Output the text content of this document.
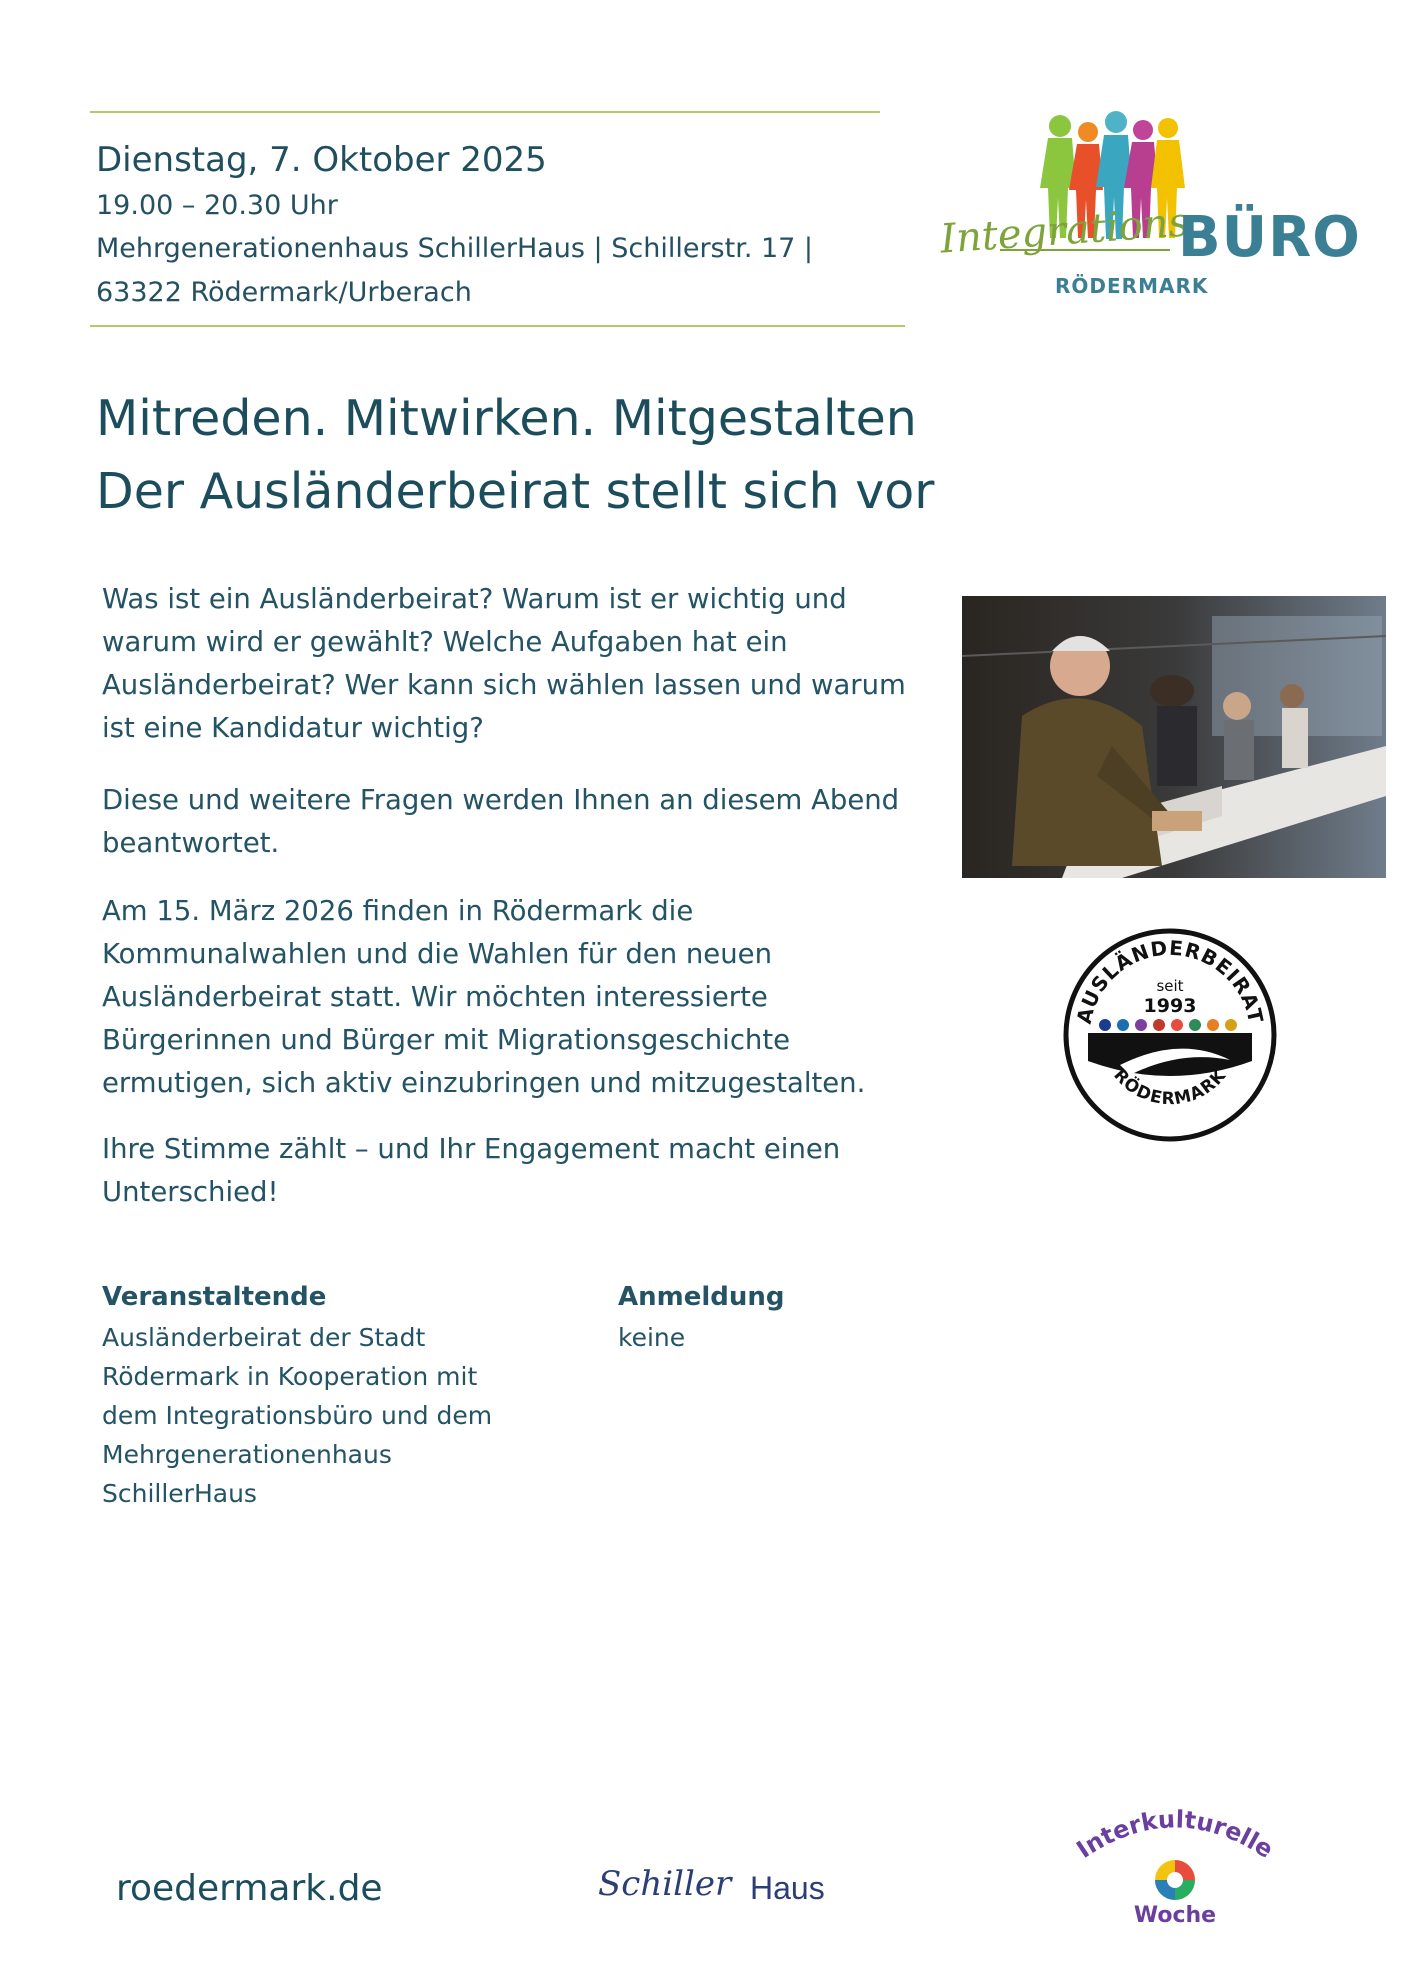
Dienstag, 7. Oktober 2025
19.00 – 20.30 Uhr
Mehrgenerationenhaus SchillerHaus | Schillerstr. 17 |
63322 Rödermark/Urberach
Integrations
BÜRO
RÖDERMARK
Mitreden. Mitwirken. Mitgestalten
Der Ausländerbeirat stellt sich vor

Was ist ein Ausländerbeirat? Warum ist er wichtig und warum wird er gewählt? Welche Aufgaben hat ein Ausländerbeirat? Wer kann sich wählen lassen und warum ist eine Kandidatur wichtig?

Diese und weitere Fragen werden Ihnen an diesem Abend beantwortet.

Am 15. März 2026 finden in Rödermark die Kommunalwahlen und die Wahlen für den neuen Ausländerbeirat statt. Wir möchten interessierte Bürgerinnen und Bürger mit Migrationsgeschichte ermutigen, sich aktiv einzubringen und mitzugestalten.

Ihre Stimme zählt – und Ihr Engagement macht einen Unterschied!

AUSLÄNDERBEIRAT
seit
1993
RÖDERMARK
Veranstaltende
Ausländerbeirat der Stadt Rödermark in Kooperation mit dem Integrationsbüro und dem Mehrgenerationenhaus SchillerHaus
Anmeldung
keine
roedermark.de	Schiller Haus
Interkulturelle
Woche
